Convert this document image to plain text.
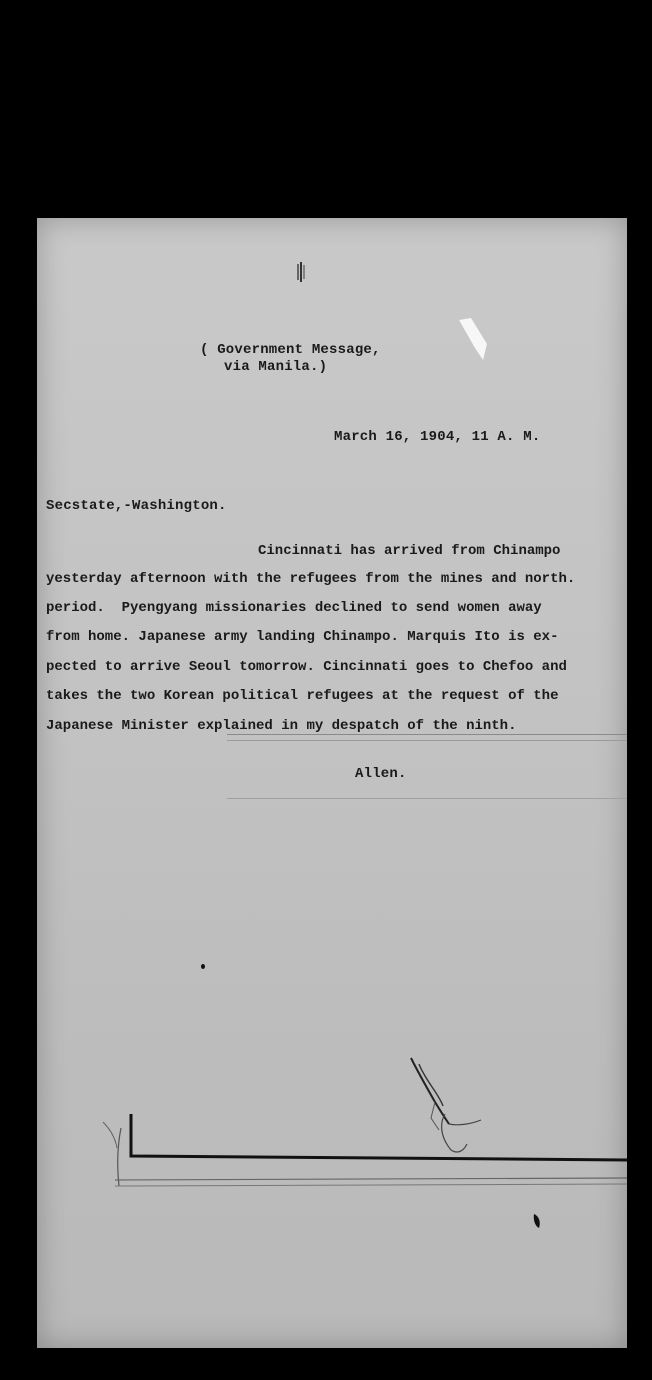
( Government Message,
via Manila.)
March 16, 1904, 11 A. M.
Secstate,-Washington.
Cincinnati has arrived from Chinampo
yesterday afternoon with the refugees from the mines and north.
period.  Pyengyang missionaries declined to send women away
from home. Japanese army landing Chinampo. Marquis Ito is ex-
pected to arrive Seoul tomorrow. Cincinnati goes to Chefoo and
takes the two Korean political refugees at the request of the
Japanese Minister explained in my despatch of the ninth.
Allen.
